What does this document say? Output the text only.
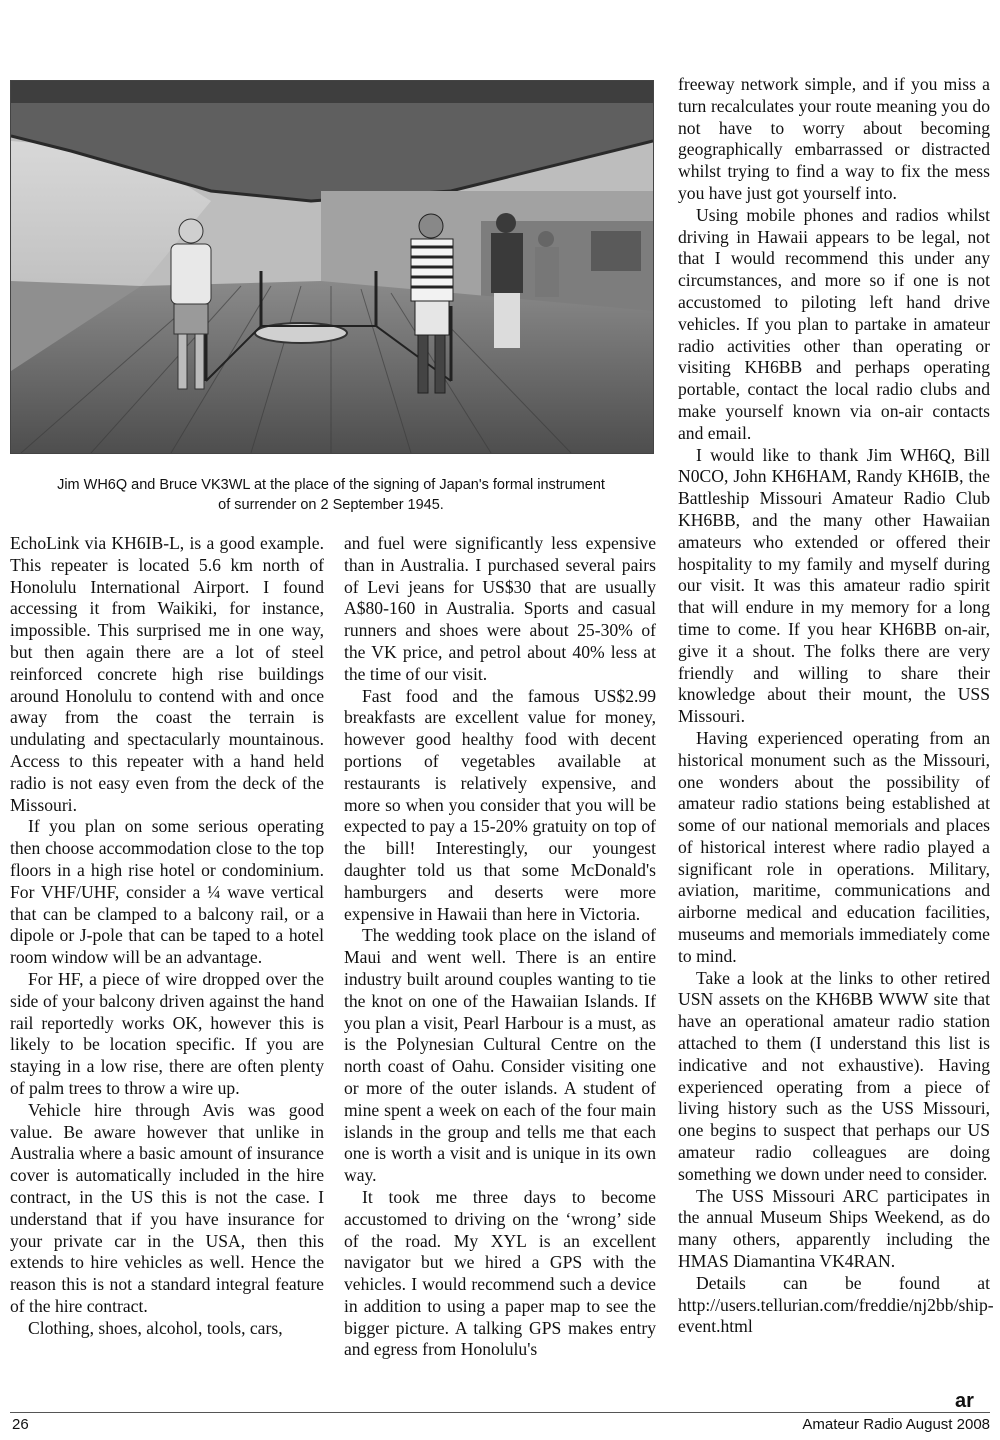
Jim WH6Q and Bruce VK3WL at the place of the signing of Japan's formal instrument
of surrender on 2 September 1945.

EchoLink via KH6IB-L, is a good example. This repeater is located 5.6 km north of Honolulu International Airport. I found accessing it from Waikiki, for instance, impossible. This surprised me in one way, but then again there are a lot of steel reinforced concrete high rise buildings around Honolulu to contend with and once away from the coast the terrain is undulating and spectacularly mountainous. Access to this repeater with a hand held radio is not easy even from the deck of the Missouri.

If you plan on some serious operating then choose accommodation close to the top floors in a high rise hotel or condominium. For VHF/UHF, consider a ¼ wave vertical that can be clamped to a balcony rail, or a dipole or J-pole that can be taped to a hotel room window will be an advantage.

For HF, a piece of wire dropped over the side of your balcony driven against the hand rail reportedly works OK, however this is likely to be location specific. If you are staying in a low rise, there are often plenty of palm trees to throw a wire up.

Vehicle hire through Avis was good value. Be aware however that unlike in Australia where a basic amount of insurance cover is automatically included in the hire contract, in the US this is not the case. I understand that if you have insurance for your private car in the USA, then this extends to hire vehicles as well. Hence the reason this is not a standard integral feature of the hire contract.

Clothing, shoes, alcohol, tools, cars,

and fuel were significantly less expensive than in Australia. I purchased several pairs of Levi jeans for US$30 that are usually A$80-160 in Australia. Sports and casual runners and shoes were about 25-30% of the VK price, and petrol about 40% less at the time of our visit.

Fast food and the famous US$2.99 breakfasts are excellent value for money, however good healthy food with decent portions of vegetables available at restaurants is relatively expensive, and more so when you consider that you will be expected to pay a 15-20% gratuity on top of the bill! Interestingly, our youngest daughter told us that some McDonald's hamburgers and deserts were more expensive in Hawaii than here in Victoria.

The wedding took place on the island of Maui and went well. There is an entire industry built around couples wanting to tie the knot on one of the Hawaiian Islands. If you plan a visit, Pearl Harbour is a must, as is the Polynesian Cultural Centre on the north coast of Oahu. Consider visiting one or more of the outer islands. A student of mine spent a week on each of the four main islands in the group and tells me that each one is worth a visit and is unique in its own way.

It took me three days to become accustomed to driving on the ‘wrong’ side of the road. My XYL is an excellent navigator but we hired a GPS with the vehicles. I would recommend such a device in addition to using a paper map to see the bigger picture. A talking GPS makes entry and egress from Honolulu's

freeway network simple, and if you miss a turn recalculates your route meaning you do not have to worry about becoming geographically embarrassed or distracted whilst trying to find a way to fix the mess you have just got yourself into.

Using mobile phones and radios whilst driving in Hawaii appears to be legal, not that I would recommend this under any circumstances, and more so if one is not accustomed to piloting left hand drive vehicles. If you plan to partake in amateur radio activities other than operating or visiting KH6BB and perhaps operating portable, contact the local radio clubs and make yourself known via on-air contacts and email.

I would like to thank Jim WH6Q, Bill N0CO, John KH6HAM, Randy KH6IB, the Battleship Missouri Amateur Radio Club KH6BB, and the many other Hawaiian amateurs who extended or offered their hospitality to my family and myself during our visit. It was this amateur radio spirit that will endure in my memory for a long time to come. If you hear KH6BB on-air, give it a shout. The folks there are very friendly and willing to share their knowledge about their mount, the USS Missouri.

Having experienced operating from an historical monument such as the Missouri, one wonders about the possibility of amateur radio stations being established at some of our national memorials and places of historical interest where radio played a significant role in operations. Military, aviation, maritime, communications and airborne medical and education facilities, museums and memorials immediately come to mind.

Take a look at the links to other retired USN assets on the KH6BB WWW site that have an operational amateur radio station attached to them (I understand this list is indicative and not exhaustive). Having experienced operating from a piece of living history such as the USS Missouri, one begins to suspect that perhaps our US amateur radio colleagues are doing something we down under need to consider.

The USS Missouri ARC participates in the annual Museum Ships Weekend, as do many others, apparently including the HMAS Diamantina VK4RAN.

Details can be found at http://users.tellurian.com/freddie/nj2bb/ship-event.html

ar
26	Amateur Radio August 2008
